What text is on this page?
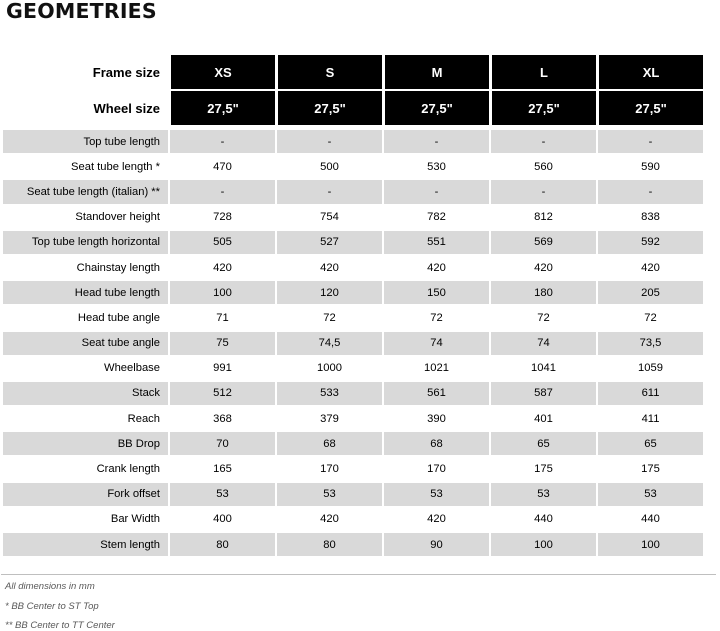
GEOMETRIES
Frame size	XS	S	M	L	XL
Wheel size	27,5"	27,5"	27,5"	27,5"	27,5"

Top tube length	-	-	-	-	-
Seat tube length *	470	500	530	560	590
Seat tube length (italian) **	-	-	-	-	-
Standover height	728	754	782	812	838
Top tube length horizontal	505	527	551	569	592
Chainstay length	420	420	420	420	420
Head tube length	100	120	150	180	205
Head tube angle	71	72	72	72	72
Seat tube angle	75	74,5	74	74	73,5
Wheelbase	991	1000	1021	1041	1059
Stack	512	533	561	587	611
Reach	368	379	390	401	411
BB Drop	70	68	68	65	65
Crank length	165	170	170	175	175
Fork offset	53	53	53	53	53
Bar Width	400	420	420	440	440
Stem length	80	80	90	100	100
All dimensions in mm
* BB Center to ST Top
** BB Center to TT Center
